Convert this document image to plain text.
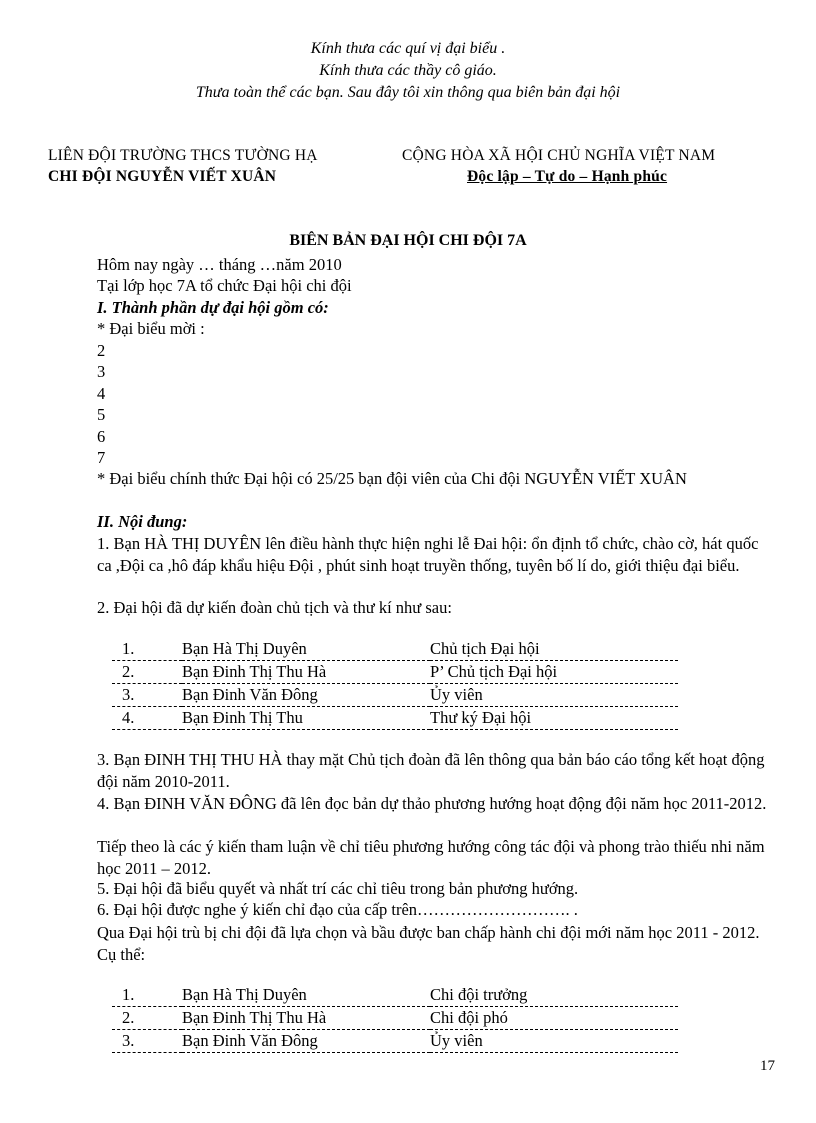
Kính thưa các quí vị đại biểu .
Kính thưa các thầy cô giáo.
Thưa toàn thể các bạn. Sau đây tôi xin thông qua biên bản đại hội
LIÊN ĐỘI TRƯỜNG THCS TƯỜNG HẠ
CHI ĐỘI NGUYỄN VIẾT XUÂN
CỘNG HÒA XÃ HỘI CHỦ NGHĨA VIỆT NAM
Độc lập – Tự do – Hạnh phúc
BIÊN BẢN ĐẠI HỘI CHI ĐỘI 7A
Hôm nay ngày … tháng …năm 2010
Tại lớp học 7A tổ chức Đại hội chi đội
I. Thành phần dự đại hội gồm có:
* Đại biểu mời :
2
3
4
5
6
7
* Đại biểu chính thức Đại hội có 25/25 bạn đội viên của Chi đội NGUYỄN VIẾT XUÂN
II. Nội đung:
1. Bạn HÀ THỊ DUYÊN lên điều hành thực hiện nghi lễ Đai hội: ổn định tổ chức, chào cờ, hát quốc ca ,Đội ca ,hô đáp khẩu hiệu Đội , phút sinh hoạt truyền thống, tuyên bố lí do, giới thiệu đại biểu.
2. Đại hội đã dự kiến đoàn chủ tịch và thư kí như sau:
1.	Bạn Hà Thị Duyên	Chủ tịch Đại hội
2.	Bạn Đinh Thị Thu Hà	P’ Chủ tịch Đại hội
3.	Bạn Đinh Văn Đông	Ủy viên
4.	Bạn Đinh Thị Thu	Thư ký Đại hội
3. Bạn ĐINH THỊ THU HÀ thay mặt Chủ tịch đoàn đã lên thông qua bản báo cáo tổng kết hoạt động đội năm 2010-2011.
4. Bạn ĐINH VĂN ĐÔNG đã lên đọc bản dự thảo phương hướng hoạt động đội năm học 2011-2012.
Tiếp theo là các ý kiến tham luận về chỉ tiêu phương hướng công tác đội và phong trào thiếu nhi năm học 2011 – 2012.
5. Đại hội đã biểu quyết và nhất trí các chỉ tiêu trong bản phương hướng.
6. Đại hội được nghe ý kiến chỉ đạo của cấp trên………………………. .
Qua Đại hội trù bị chi đội đã lựa chọn và bầu được ban chấp hành chi đội mới năm học 2011 - 2012. Cụ thể:
1.	Bạn Hà Thị Duyên	Chi đội trưởng
2.	Bạn Đinh Thị Thu Hà	Chi đội phó
3.	Bạn Đinh Văn Đông	Ủy viên
17
